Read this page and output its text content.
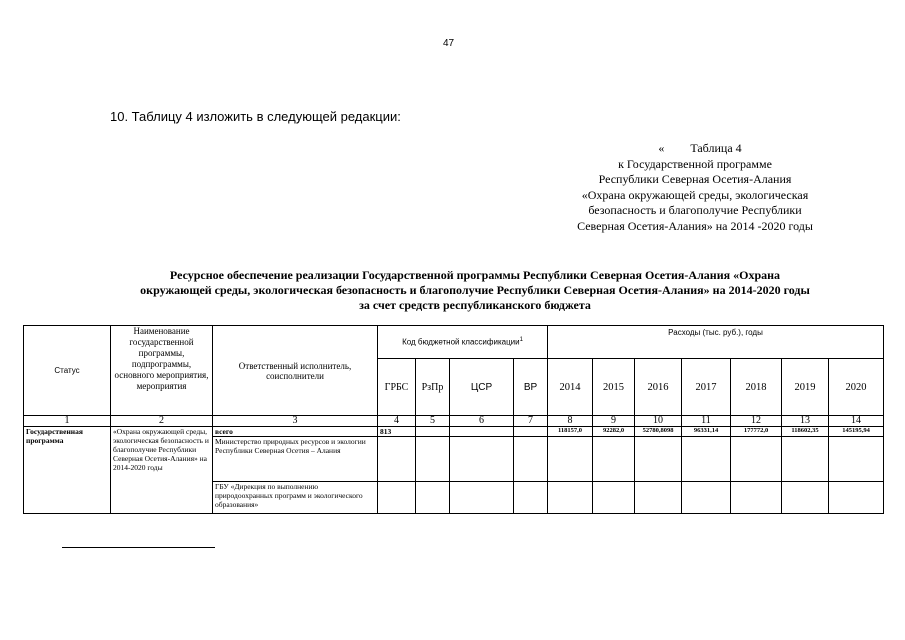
47
10. Таблицу 4 изложить в следующей редакции:
« Таблица 4
к Государственной программе
Республики Северная Осетия-Алания
«Охрана окружающей среды, экологическая
безопасность и благополучие Республики
Северная Осетия-Алания» на 2014 -2020 годы
Ресурсное обеспечение реализации Государственной программы Республики Северная Осетия-Алания «Охрана
окружающей среды, экологическая безопасность и благополучие Республики Северная Осетия-Алания» на 2014-2020 годы
за счет средств республиканского бюджета
Статус	Наименование государственной программы, подпрограммы, основного мероприятия, мероприятия	Ответственный исполнитель, соисполнители	Код бюджетной классификации$^1$				Расходы (тыс. руб.), годы						
			ГРБС	РзПр	ЦСР	ВР	2014	2015	2016	2017	2018	2019	2020
1	2	3	4	5	6	7	8	9	10	11	12	13	14
Государственная программа	«Охрана окружающей среды, экологическая безопасность и благополучие Республики Северная Осетия-Алания» на 2014-2020 годы	всего	813				118157,0	92282,0	52780,8098	96331,14	177772,0	118602,35	145195,94
		Министерство природных ресурсов и экологии Республики Северная Осетия – Алания											
		ГБУ «Дирекция по выполнению природоохранных программ и экологического образования»											
